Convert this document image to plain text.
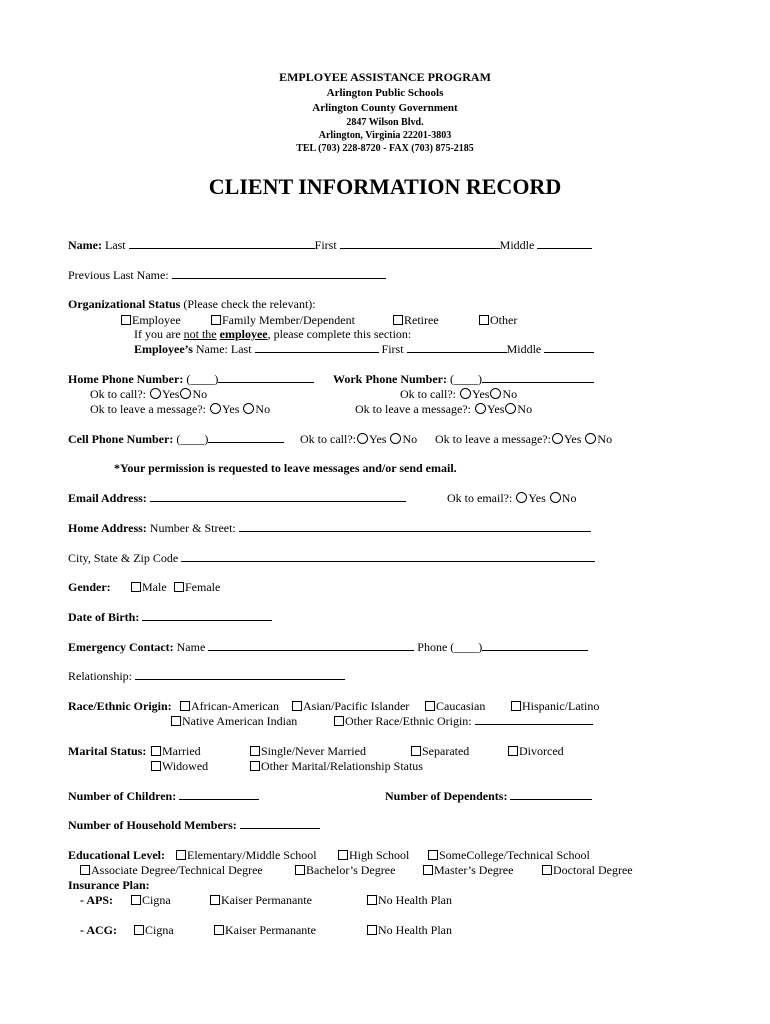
EMPLOYEE ASSISTANCE PROGRAM
Arlington Public Schools
Arlington County Government
2847 Wilson Blvd.
Arlington, Virginia 22201-3803
TEL (703) 228-8720 - FAX (703) 875-2185
CLIENT INFORMATION RECORD
Name: Last	First	Middle
Previous Last Name:
Organizational Status (Please check the relevant):
Employee	Family Member/Dependent	Retiree	Other
If you are not the employee, please complete this section:
Employee’s Name: Last	First	Middle
Home Phone Number: (____)
Ok to call?: Yes No
Ok to leave a message?: Yes No
Work Phone Number: (____)
Ok to call?: Yes No
Ok to leave a message?: Yes No
Cell Phone Number: (____)	Ok to call?: Yes No Ok to leave a message?: Yes No
*Your permission is requested to leave messages and/or send email.
Email Address:	Ok to email?: Yes No
Home Address: Number & Street:
City, State & Zip Code
Gender:	Male	Female
Date of Birth:
Emergency Contact: Name	Phone (____)
Relationship:
Race/Ethnic Origin:	African-American	Asian/Pacific Islander	Caucasian	Hispanic/Latino
Native American Indian	Other Race/Ethnic Origin:
Marital Status:	Married	Single/Never Married	Separated	Divorced
Widowed	Other Marital/Relationship Status
Number of Children:	Number of Dependents:
Number of Household Members:
Educational Level:	Elementary/Middle School	High School	SomeCollege/Technical School
Associate Degree/Technical Degree	Bachelor’s Degree	Master’s Degree	Doctoral Degree
Insurance Plan:
- APS:	Cigna	Kaiser Permanante	No Health Plan
- ACG:	Cigna	Kaiser Permanante	No Health Plan
